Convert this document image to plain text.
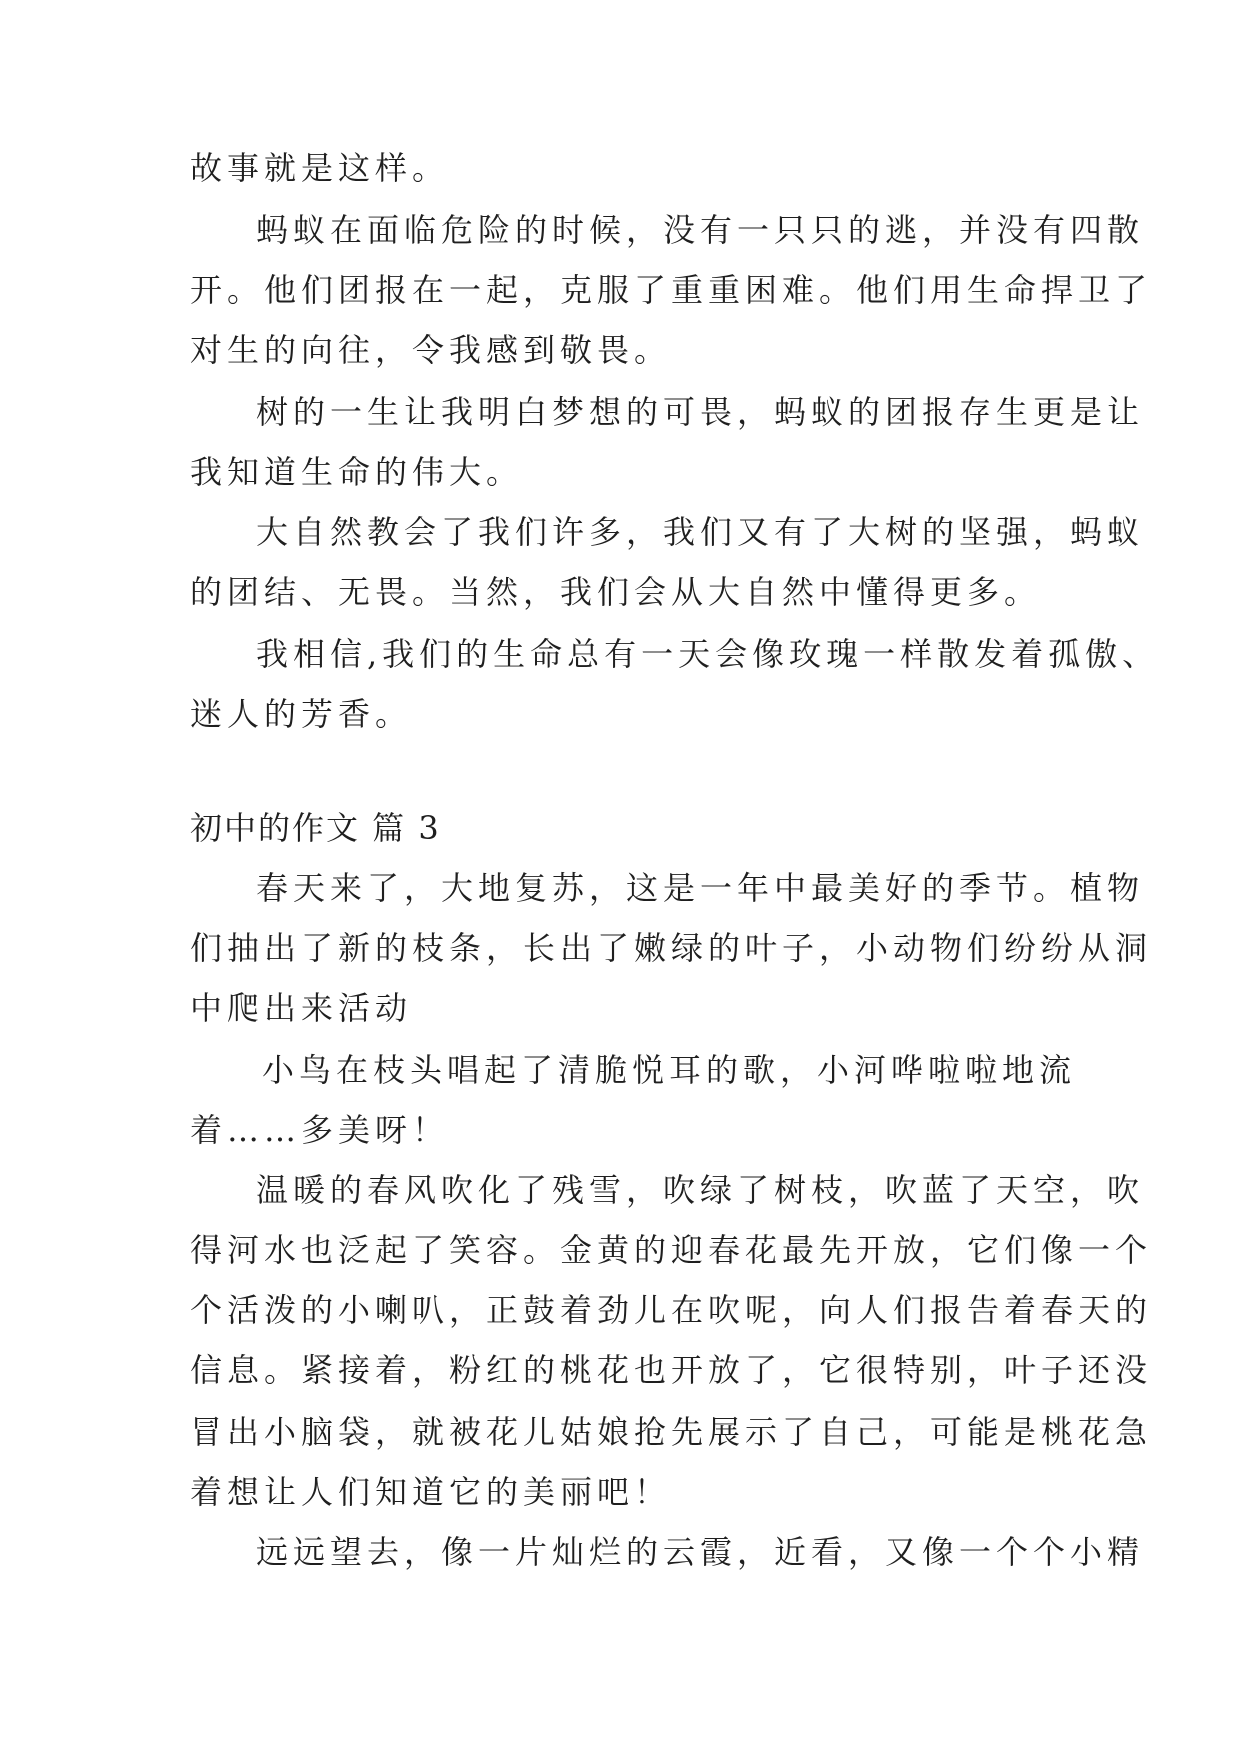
故事就是这样。

蚂蚁在面临危险的时候，没有一只只的逃，并没有四散

开。他们团报在一起，克服了重重困难。他们用生命捍卫了

对生的向往，令我感到敬畏。

树的一生让我明白梦想的可畏，蚂蚁的团报存生更是让

我知道生命的伟大。

大自然教会了我们许多，我们又有了大树的坚强，蚂蚁

的团结、无畏。当然，我们会从大自然中懂得更多。

我相信,我们的生命总有一天会像玫瑰一样散发着孤傲、

迷人的芳香。

初中的作文 篇 3

春天来了，大地复苏，这是一年中最美好的季节。植物

们抽出了新的枝条，长出了嫩绿的叶子，小动物们纷纷从洞

中爬出来活动

小鸟在枝头唱起了清脆悦耳的歌，小河哗啦啦地流

着……多美呀！

温暖的春风吹化了残雪，吹绿了树枝，吹蓝了天空，吹

得河水也泛起了笑容。金黄的迎春花最先开放，它们像一个

个活泼的小喇叭，正鼓着劲儿在吹呢，向人们报告着春天的

信息。紧接着，粉红的桃花也开放了，它很特别，叶子还没

冒出小脑袋，就被花儿姑娘抢先展示了自己，可能是桃花急

着想让人们知道它的美丽吧！

远远望去，像一片灿烂的云霞，近看，又像一个个小精
